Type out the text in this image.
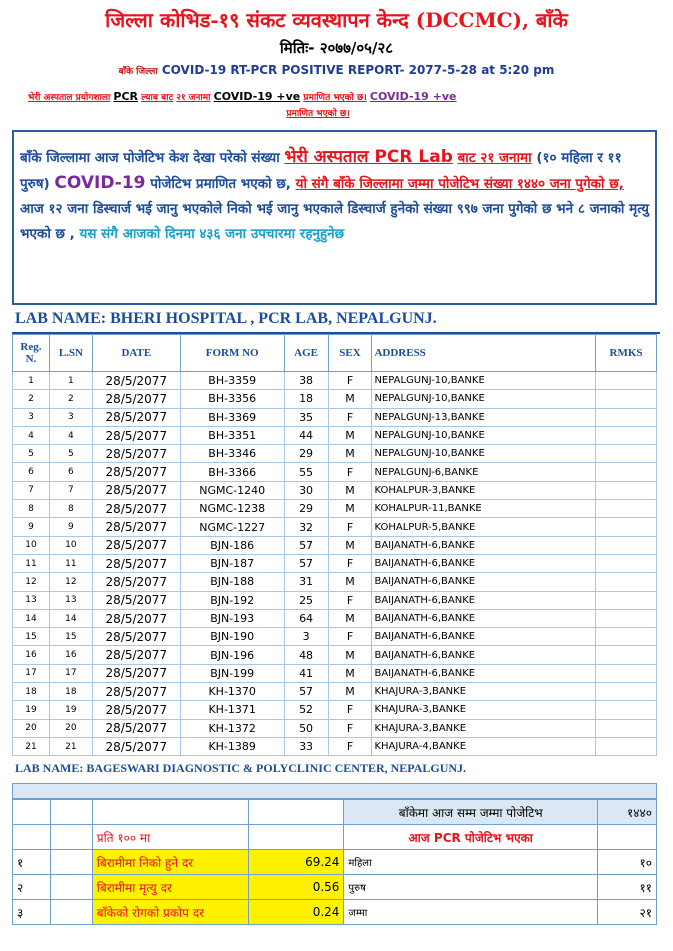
जिल्ला कोभिड-१९ संकट व्यवस्थापन केन्द (DCCMC), बाँके
मितिः- २०७७/०५/२८
बाँके जिल्ला COVID-19 RT-PCR POSITIVE REPORT- 2077-5-28 at 5:20 pm
भेरी अस्पताल प्रयोगशाला PCR ल्याब बाट २१ जनामा COVID-19 +ve प्रमाणित भएको छ। COVID-19 +ve
प्रमाणित भएको छ।

बाँके जिल्लामा आज पोजेटिभ केश देखा परेको संख्या भेरी अस्पताल PCR Lab बाट २१ जनामा (१० महिला र ११ पुरुष) COVID-19 पोजेटिभ प्रमाणित भएको छ, यो संगै बाँके जिल्लामा जम्मा पोजेटिभ संख्या १४४० जना पुगेको छ, आज १२ जना डिस्चार्ज भई जानु भएकोले निको भई जानु भएकाले डिस्चार्ज हुनेको संख्या ९९७ जना पुगेको छ भने ८ जनाको मृत्यु भएको छ , यस संगै आजको दिनमा ४३६ जना उपचारमा रहनुहुनेछ

LAB NAME: BHERI HOSPITAL , PCR LAB, NEPALGUNJ.
Reg. N.	L.SN	DATE	FORM NO	AGE	SEX	ADDRESS	RMKS
1	1	28/5/2077	BH-3359	38	F	NEPALGUNJ-10,BANKE	
2	2	28/5/2077	BH-3356	18	M	NEPALGUNJ-10,BANKE	
3	3	28/5/2077	BH-3369	35	F	NEPALGUNJ-13,BANKE	
4	4	28/5/2077	BH-3351	44	M	NEPALGUNJ-10,BANKE	
5	5	28/5/2077	BH-3346	29	M	NEPALGUNJ-10,BANKE	
6	6	28/5/2077	BH-3366	55	F	NEPALGUNJ-6,BANKE	
7	7	28/5/2077	NGMC-1240	30	M	KOHALPUR-3,BANKE	
8	8	28/5/2077	NGMC-1238	29	M	KOHALPUR-11,BANKE	
9	9	28/5/2077	NGMC-1227	32	F	KOHALPUR-5,BANKE	
10	10	28/5/2077	BJN-186	57	M	BAIJANATH-6,BANKE	
11	11	28/5/2077	BJN-187	57	F	BAIJANATH-6,BANKE	
12	12	28/5/2077	BJN-188	31	M	BAIJANATH-6,BANKE	
13	13	28/5/2077	BJN-192	25	F	BAIJANATH-6,BANKE	
14	14	28/5/2077	BJN-193	64	M	BAIJANATH-6,BANKE	
15	15	28/5/2077	BJN-190	3	F	BAIJANATH-6,BANKE	
16	16	28/5/2077	BJN-196	48	M	BAIJANATH-6,BANKE	
17	17	28/5/2077	BJN-199	41	M	BAIJANATH-6,BANKE	
18	18	28/5/2077	KH-1370	57	M	KHAJURA-3,BANKE	
19	19	28/5/2077	KH-1371	52	F	KHAJURA-3,BANKE	
20	20	28/5/2077	KH-1372	50	F	KHAJURA-3,BANKE	
21	21	28/5/2077	KH-1389	33	F	KHAJURA-4,BANKE	
LAB NAME: BAGESWARI DIAGNOSTIC & POLYCLINIC CENTER, NEPALGUNJ.
				बाँकेमा आज सम्म जम्मा पोजेटिभ	१४४०
		प्रति १०० मा		आज PCR पोजेटिभ भएका	
१		बिरामीमा निको हुने दर	69.24	महिला	१०
२		बिरामीमा मृत्यु दर	0.56	पुरुष	११
३		बाँकेको रोगको प्रकोप दर	0.24	जम्मा	२१
